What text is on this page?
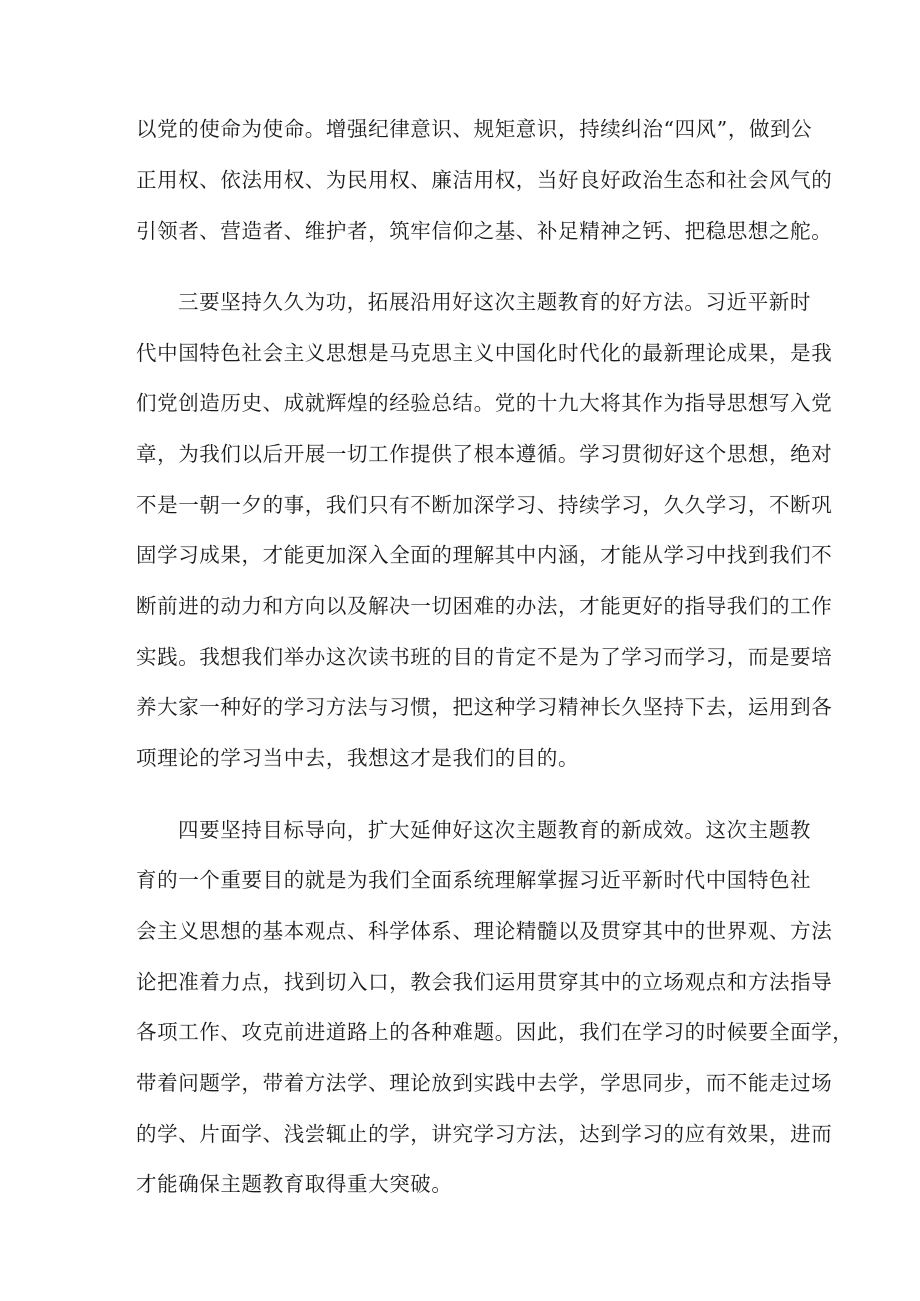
以党的使命为使命。增强纪律意识、规矩意识，持续纠治“四风”，做到公
正用权、依法用权、为民用权、廉洁用权，当好良好政治生态和社会风气的
引领者、营造者、维护者，筑牢信仰之基、补足精神之钙、把稳思想之舵。
三要坚持久久为功，拓展沿用好这次主题教育的好方法。习近平新时
代中国特色社会主义思想是马克思主义中国化时代化的最新理论成果，是我
们党创造历史、成就辉煌的经验总结。党的十九大将其作为指导思想写入党
章，为我们以后开展一切工作提供了根本遵循。学习贯彻好这个思想，绝对
不是一朝一夕的事，我们只有不断加深学习、持续学习，久久学习，不断巩
固学习成果，才能更加深入全面的理解其中内涵，才能从学习中找到我们不
断前进的动力和方向以及解决一切困难的办法，才能更好的指导我们的工作
实践。我想我们举办这次读书班的目的肯定不是为了学习而学习，而是要培
养大家一种好的学习方法与习惯，把这种学习精神长久坚持下去，运用到各
项理论的学习当中去，我想这才是我们的目的。
四要坚持目标导向，扩大延伸好这次主题教育的新成效。这次主题教
育的一个重要目的就是为我们全面系统理解掌握习近平新时代中国特色社
会主义思想的基本观点、科学体系、理论精髓以及贯穿其中的世界观、方法
论把准着力点，找到切入口，教会我们运用贯穿其中的立场观点和方法指导
各项工作、攻克前进道路上的各种难题。因此，我们在学习的时候要全面学，
带着问题学，带着方法学、理论放到实践中去学，学思同步，而不能走过场
的学、片面学、浅尝辄止的学，讲究学习方法，达到学习的应有效果，进而
才能确保主题教育取得重大突破。
